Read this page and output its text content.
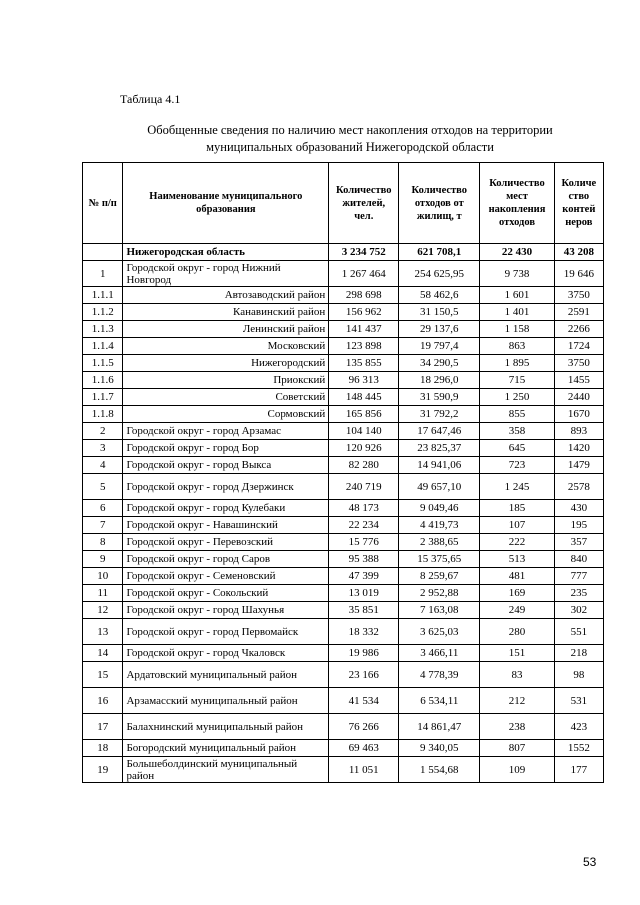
Таблица 4.1
Обобщенные сведения по наличию мест накопления отходов на территории
муниципальных образований Нижегородской области
№ п/п	Наименование муниципального образования	Количество жителей, чел.	Количество отходов от жилищ, т	Количество мест накопления отходов	Количе ство контей неров
	Нижегородская область	3 234 752	621 708,1	22 430	43 208
1	Городской округ - город Нижний Новгород	1 267 464	254 625,95	9 738	19 646
1.1.1	Автозаводский район	298 698	58 462,6	1 601	3750
1.1.2	Канавинский район	156 962	31 150,5	1 401	2591
1.1.3	Ленинский район	141 437	29 137,6	1 158	2266
1.1.4	Московский	123 898	19 797,4	863	1724
1.1.5	Нижегородский	135 855	34 290,5	1 895	3750
1.1.6	Приокский	96 313	18 296,0	715	1455
1.1.7	Советский	148 445	31 590,9	1 250	2440
1.1.8	Сормовский	165 856	31 792,2	855	1670
2	Городской округ - город Арзамас	104 140	17 647,46	358	893
3	Городской округ - город Бор	120 926	23 825,37	645	1420
4	Городской округ - город Выкса	82 280	14 941,06	723	1479
5	Городской округ - город Дзержинск	240 719	49 657,10	1 245	2578
6	Городской округ - город Кулебаки	48 173	9 049,46	185	430
7	Городской округ - Навашинский	22 234	4 419,73	107	195
8	Городской округ - Перевозский	15 776	2 388,65	222	357
9	Городской округ - город Саров	95 388	15 375,65	513	840
10	Городской округ - Семеновский	47 399	8 259,67	481	777
11	Городской округ - Сокольский	13 019	2 952,88	169	235
12	Городской округ - город Шахунья	35 851	7 163,08	249	302
13	Городской округ - город Первомайск	18 332	3 625,03	280	551
14	Городской округ - город Чкаловск	19 986	3 466,11	151	218
15	Ардатовский муниципальный район	23 166	4 778,39	83	98
16	Арзамасский муниципальный район	41 534	6 534,11	212	531
17	Балахнинский муниципальный район	76 266	14 861,47	238	423
18	Богородский муниципальный район	69 463	9 340,05	807	1552
19	Большеболдинский муниципальный район	11 051	1 554,68	109	177
53
